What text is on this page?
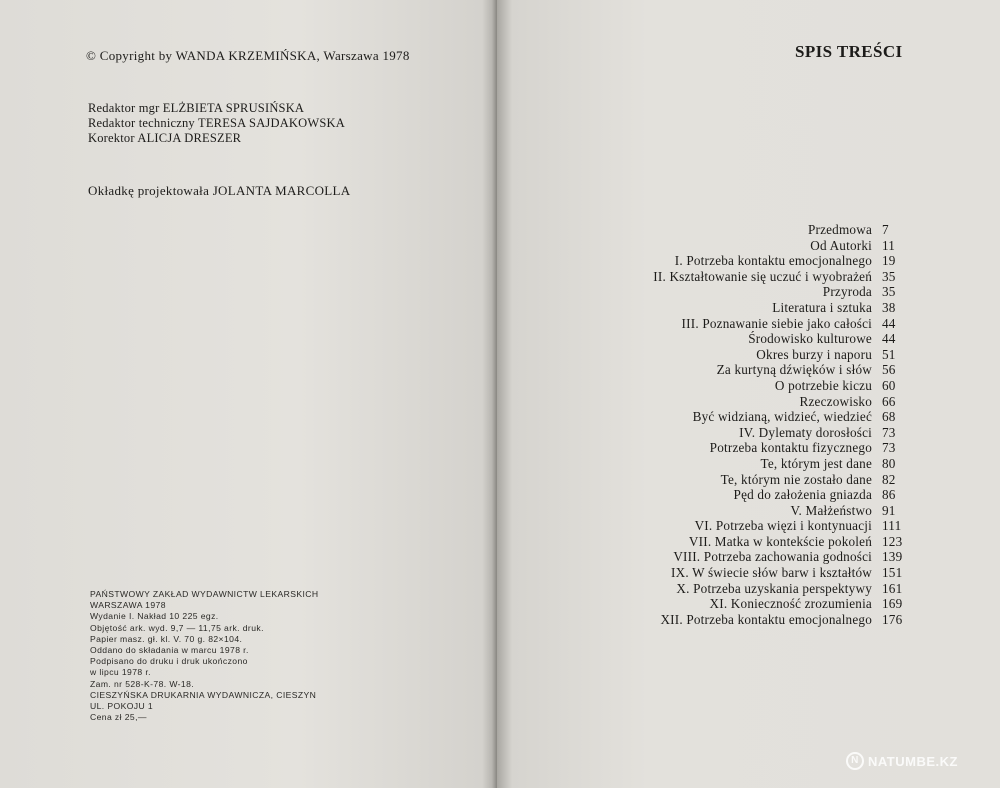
© Copyright by WANDA KRZEMIŃSKA, Warszawa 1978
Redaktor mgr ELŻBIETA SPRUSIŃSKA
Redaktor techniczny TERESA SAJDAKOWSKA
Korektor ALICJA DRESZER
Okładkę projektowała JOLANTA MARCOLLA
PAŃSTWOWY ZAKŁAD WYDAWNICTW LEKARSKICH
WARSZAWA 1978
Wydanie I. Nakład 10 225 egz.
Objętość ark. wyd. 9,7 — 11,75 ark. druk.
Papier masz. gł. kl. V. 70 g. 82×104.
Oddano do składania w marcu 1978 r.
Podpisano do druku i druk ukończono
w lipcu 1978 r.
Zam. nr 528-K-78. W-18.
CIESZYŃSKA DRUKARNIA WYDAWNICZA, CIESZYN
UL. POKOJU 1
Cena zł 25,—
SPIS TREŚCI
Przedmowa 7
Od Autorki 11
I. Potrzeba kontaktu emocjonalnego 19
II. Kształtowanie się uczuć i wyobrażeń 35
Przyroda 35
Literatura i sztuka 38
III. Poznawanie siebie jako całości 44
Środowisko kulturowe 44
Okres burzy i naporu 51
Za kurtyną dźwięków i słów 56
O potrzebie kiczu 60
Rzeczowisko 66
Być widzianą, widzieć, wiedzieć 68
IV. Dylematy dorosłości 73
Potrzeba kontaktu fizycznego 73
Te, którym jest dane 80
Te, którym nie zostało dane 82
Pęd do założenia gniazda 86
V. Małżeństwo 91
VI. Potrzeba więzi i kontynuacji 111
VII. Matka w kontekście pokoleń 123
VIII. Potrzeba zachowania godności 139
IX. W świecie słów barw i kształtów 151
X. Potrzeba uzyskania perspektywy 161
XI. Konieczność zrozumienia 169
XII. Potrzeba kontaktu emocjonalnego 176
N NATUMBE.KZ
